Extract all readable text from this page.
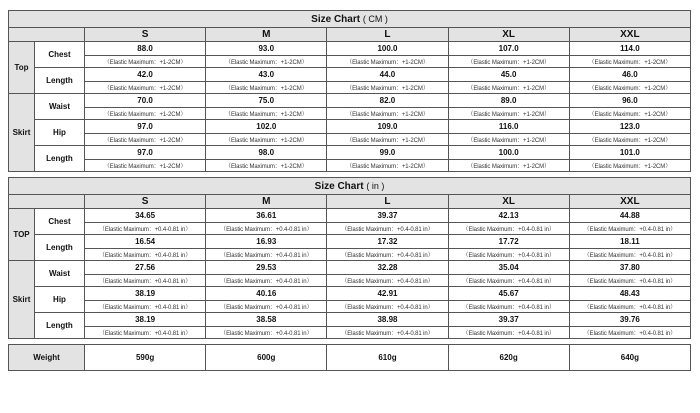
Size Chart ( CM )						
		S	M	L	XL	XXL
Top	Chest	88.0	93.0	100.0	107.0	114.0
		（Elastic Maximum：+1-2CM）	（Elastic Maximum：+1-2CM）	（Elastic Maximum：+1-2CM）	（Elastic Maximum：+1-2CM）	（Elastic Maximum：+1-2CM）
	Length	42.0	43.0	44.0	45.0	46.0
		（Elastic Maximum：+1-2CM）	（Elastic Maximum：+1-2CM）	（Elastic Maximum：+1-2CM）	（Elastic Maximum：+1-2CM）	（Elastic Maximum：+1-2CM）
Skirt	Waist	70.0	75.0	82.0	89.0	96.0
		（Elastic Maximum：+1-2CM）	（Elastic Maximum：+1-2CM）	（Elastic Maximum：+1-2CM）	（Elastic Maximum：+1-2CM）	（Elastic Maximum：+1-2CM）
	Hip	97.0	102.0	109.0	116.0	123.0
		（Elastic Maximum：+1-2CM）	（Elastic Maximum：+1-2CM）	（Elastic Maximum：+1-2CM）	（Elastic Maximum：+1-2CM）	（Elastic Maximum：+1-2CM）
	Length	97.0	98.0	99.0	100.0	101.0
		（Elastic Maximum：+1-2CM）	（Elastic Maximum：+1-2CM）	（Elastic Maximum：+1-2CM）	（Elastic Maximum：+1-2CM）	（Elastic Maximum：+1-2CM）
Size Chart ( in )						
		S	M	L	XL	XXL
TOP	Chest	34.65	36.61	39.37	42.13	44.88
		（Elastic Maximum：+0.4-0.81 in）	（Elastic Maximum：+0.4-0.81 in）	（Elastic Maximum：+0.4-0.81 in）	（Elastic Maximum：+0.4-0.81 in）	（Elastic Maximum：+0.4-0.81 in）
	Length	16.54	16.93	17.32	17.72	18.11
		（Elastic Maximum：+0.4-0.81 in）	（Elastic Maximum：+0.4-0.81 in）	（Elastic Maximum：+0.4-0.81 in）	（Elastic Maximum：+0.4-0.81 in）	（Elastic Maximum：+0.4-0.81 in）
Skirt	Waist	27.56	29.53	32.28	35.04	37.80
		（Elastic Maximum：+0.4-0.81 in）	（Elastic Maximum：+0.4-0.81 in）	（Elastic Maximum：+0.4-0.81 in）	（Elastic Maximum：+0.4-0.81 in）	（Elastic Maximum：+0.4-0.81 in）
	Hip	38.19	40.16	42.91	45.67	48.43
		（Elastic Maximum：+0.4-0.81 in）	（Elastic Maximum：+0.4-0.81 in）	（Elastic Maximum：+0.4-0.81 in）	（Elastic Maximum：+0.4-0.81 in）	（Elastic Maximum：+0.4-0.81 in）
	Length	38.19	38.58	38.98	39.37	39.76
		（Elastic Maximum：+0.4-0.81 in）	（Elastic Maximum：+0.4-0.81 in）	（Elastic Maximum：+0.4-0.81 in）	（Elastic Maximum：+0.4-0.81 in）	（Elastic Maximum：+0.4-0.81 in）
Weight	590g	600g	610g	620g	640g
